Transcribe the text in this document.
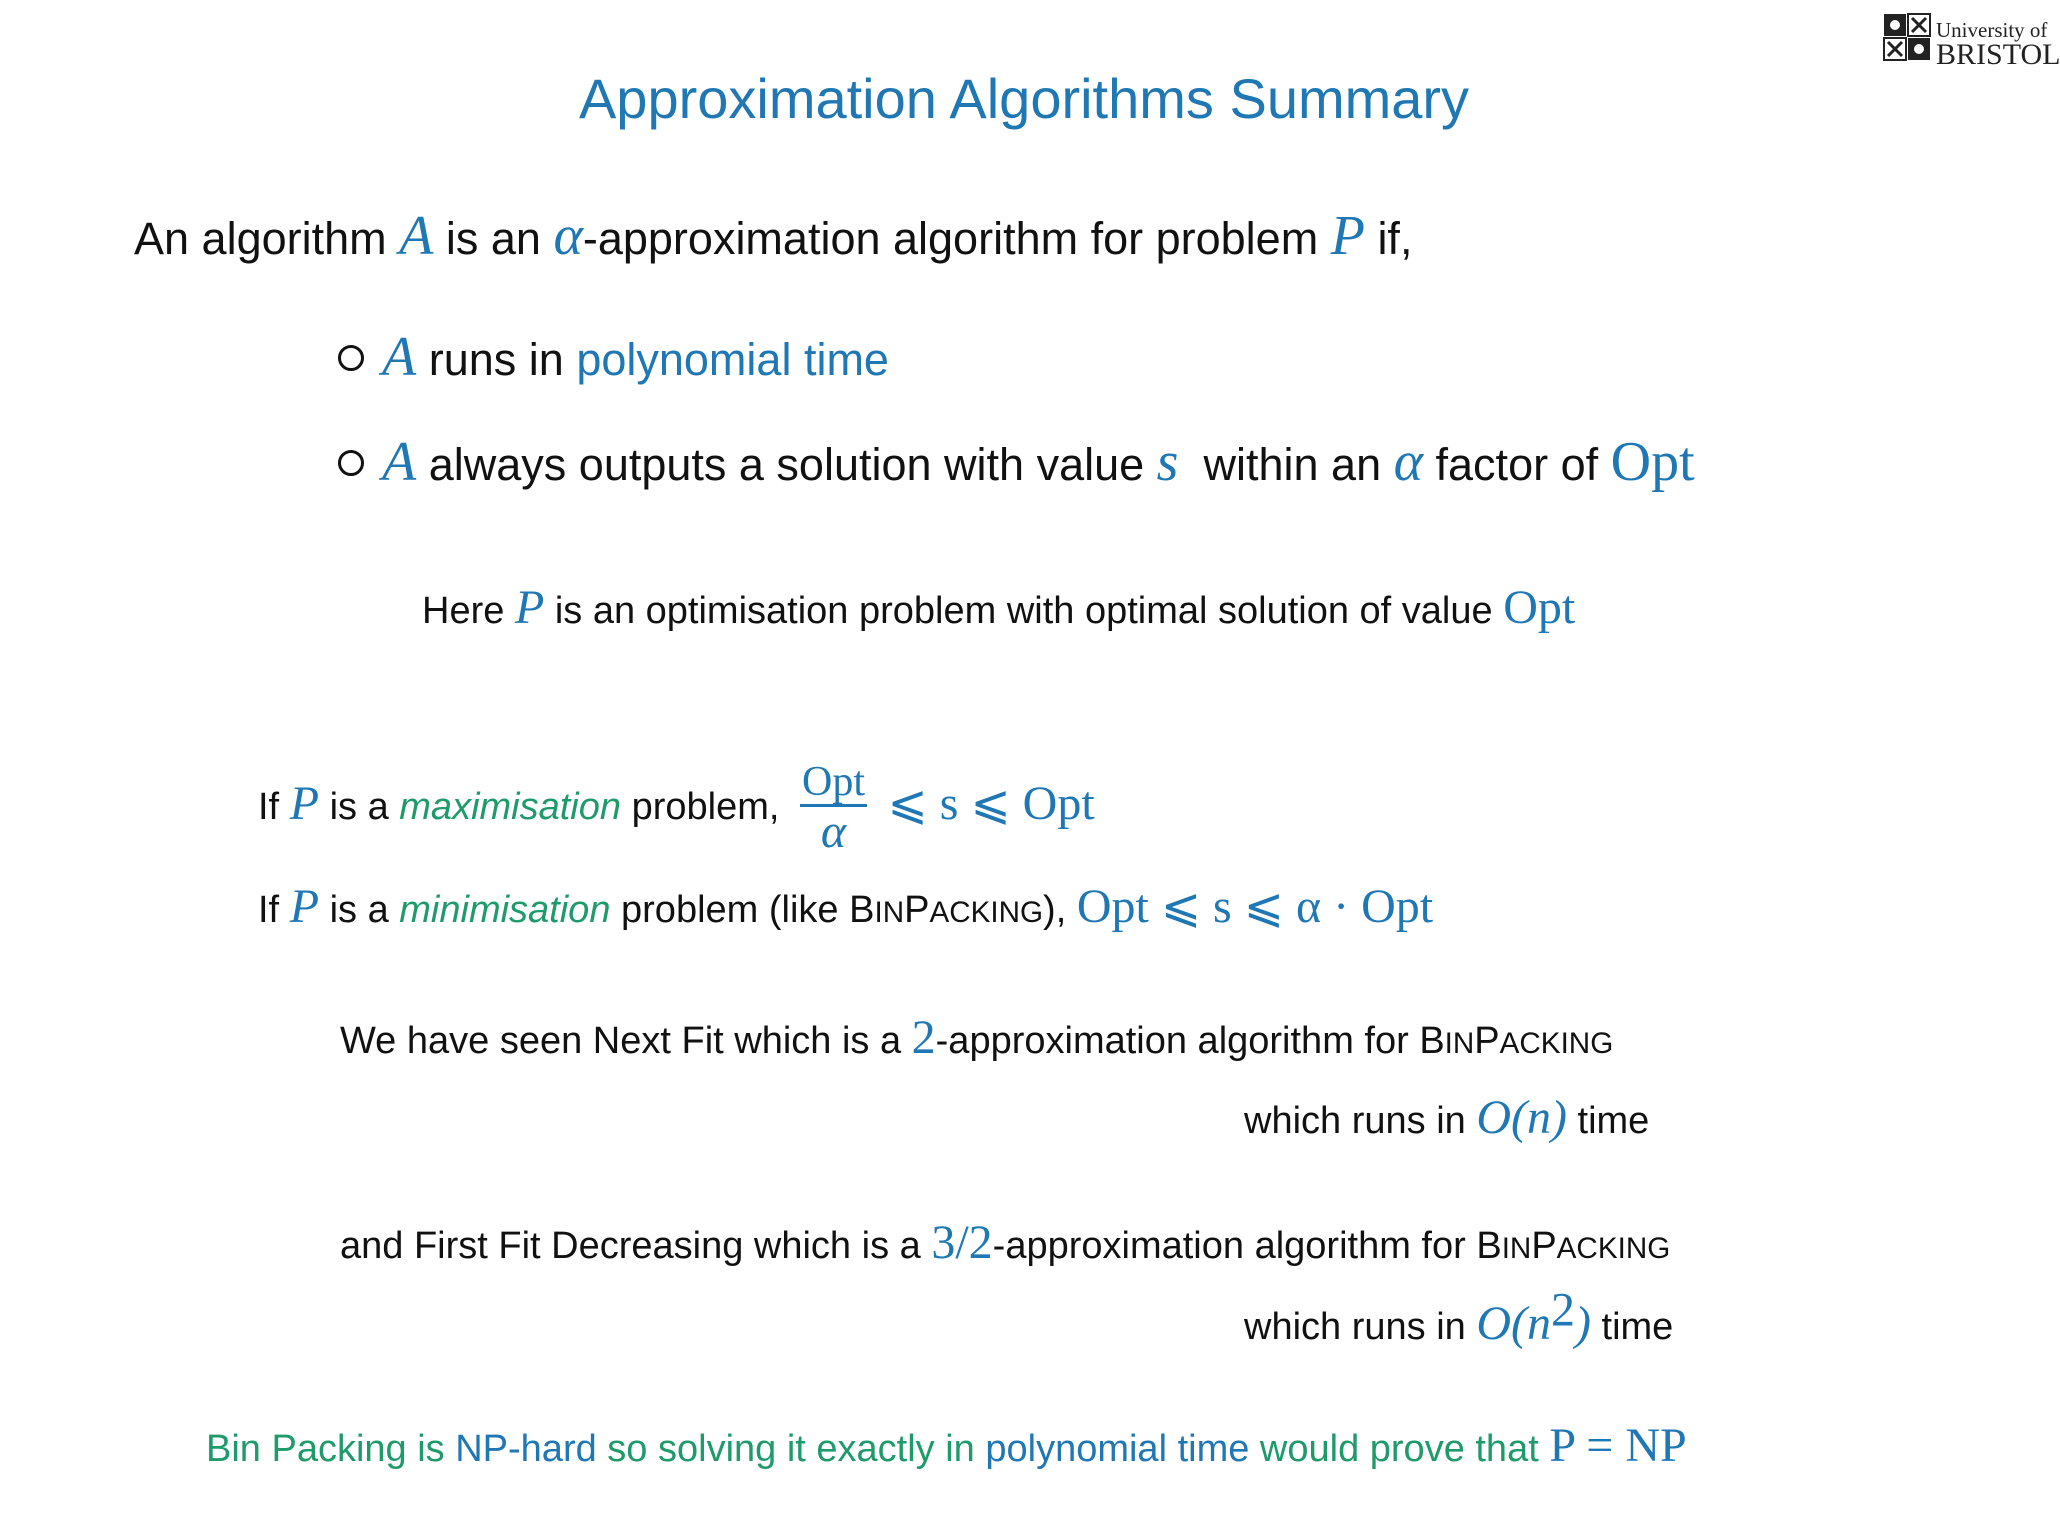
University of
BRISTOL
Approximation Algorithms Summary
An algorithm A is an α-approximation algorithm for problem P if,
A runs in polynomial time
A always outputs a solution with value s within an α factor of Opt
Here P is an optimisation problem with optimal solution of value Opt
If P is a maximisation problem, $\frac{\text{Opt}}{\alpha}$ ⩽ s ⩽ Opt
If P is a minimisation problem (like BINPACKING), Opt ⩽ s ⩽ α · Opt
We have seen Next Fit which is a 2-approximation algorithm for BINPACKING
which runs in O(n) time
and First Fit Decreasing which is a 3/2-approximation algorithm for BINPACKING
which runs in $O(n^2)$ time
Bin Packing is NP-hard so solving it exactly in polynomial time would prove that P = NP
